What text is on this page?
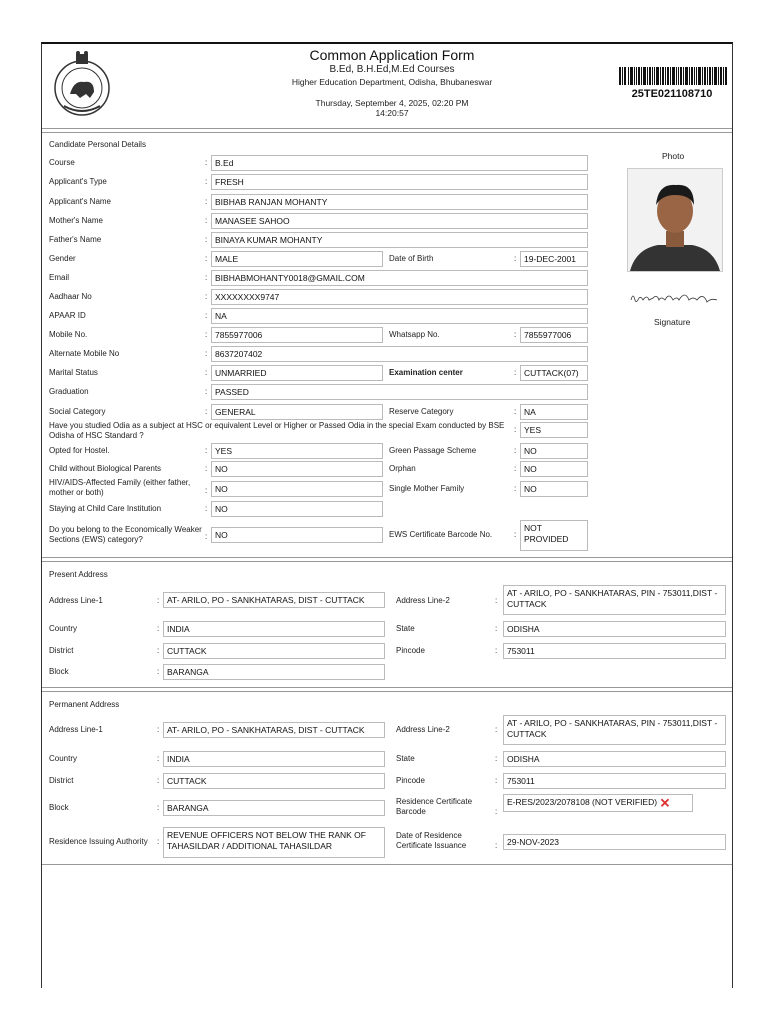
Common Application Form
B.Ed, B.H.Ed,M.Ed Courses
Higher Education Department, Odisha, Bhubaneswar
Thursday, September 4, 2025, 02:20 PM
14:20:57
25TE021108710
Candidate Personal Details
Photo
Signature
Course	: B.Ed
Applicant's Type	: FRESH
Applicant's Name	: BIBHAB RANJAN MOHANTY
Mother's Name	: MANASEE SAHOO
Father's Name	: BINAYA KUMAR MOHANTY
Gender	: MALE	Date of Birth	: 19-DEC-2001
Email	: BIBHABMOHANTY0018@GMAIL.COM
Aadhaar No	: XXXXXXXX9747
APAAR ID	: NA
Mobile No.	: 7855977006	Whatsapp No.	: 7855977006
Alternate Mobile No	: 8637207402
Marital Status	: UNMARRIED	Examination center	: CUTTACK(07)
Graduation	: PASSED
Social Category	: GENERAL	Reserve Category	: NA
Have you studied Odia as a subject at HSC or equivalent Level or Higher or Passed Odia in the special Exam conducted by BSE Odisha of HSC Standard ?
: YES
Opted for Hostel.	: YES	Green Passage Scheme	: NO
Child without Biological Parents	: NO	Orphan	: NO
HIV/AIDS-Affected Family (either father, mother or both)	: NO	Single Mother Family	: NO
Staying at Child Care Institution	: NO
Do you belong to the Economically Weaker Sections (EWS) category?	: NO	EWS Certificate Barcode No.	:
NOT PROVIDED
Present Address
Address Line-1	: AT- ARILO, PO - SANKHATARAS, DIST - CUTTACK	Address Line-2	:
AT - ARILO, PO - SANKHATARAS, PIN - 753011,DIST - CUTTACK
Country	: INDIA	State	:	ODISHA
District	: CUTTACK	Pincode	:	753011
Block	: BARANGA
Permanent Address
Address Line-1	: AT- ARILO, PO - SANKHATARAS, DIST - CUTTACK	Address Line-2	:
AT - ARILO, PO - SANKHATARAS, PIN - 753011,DIST - CUTTACK
Country	: INDIA	State	:	ODISHA
District	: CUTTACK	Pincode	:	753011
Block	: BARANGA
Residence Certificate Barcode	:
E-RES/2023/2078108 (NOT VERIFIED) ✕
Residence Issuing Authority :
REVENUE OFFICERS NOT BELOW THE RANK OF TAHASILDAR / ADDITIONAL TAHASILDAR
Date of Residence Certificate Issuance	:	29-NOV-2023
